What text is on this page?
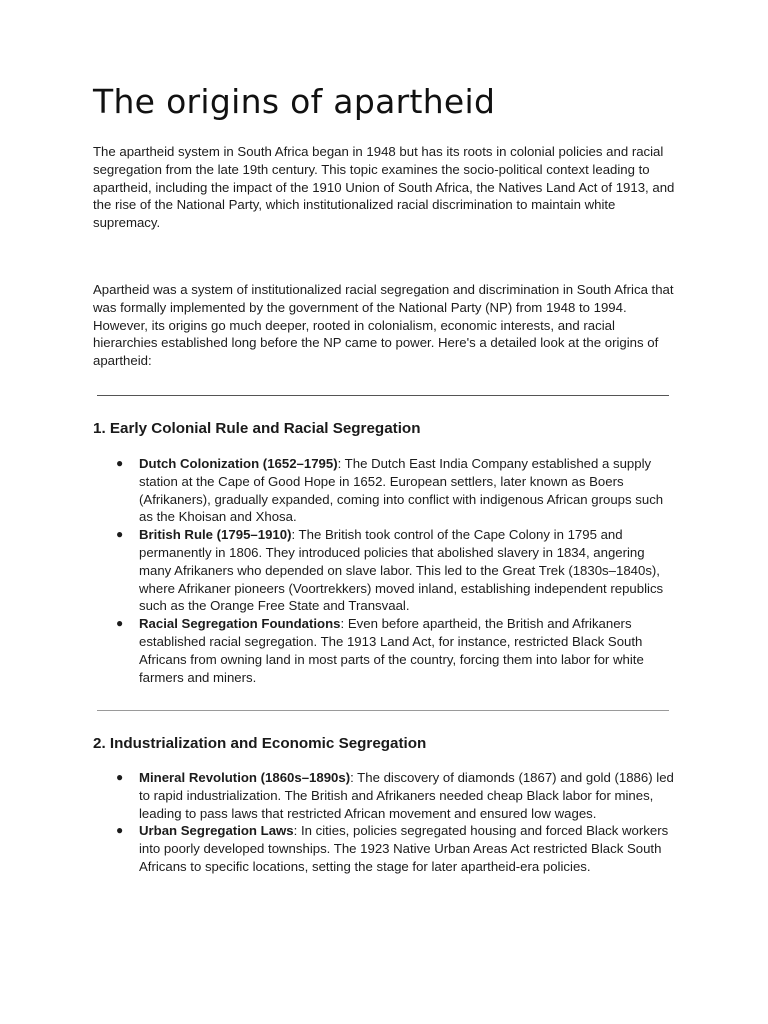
The origins of apartheid

The apartheid system in South Africa began in 1948 but has its roots in colonial policies and racial segregation from the late 19th century. This topic examines the socio-political context leading to apartheid, including the impact of the 1910 Union of South Africa, the Natives Land Act of 1913, and the rise of the National Party, which institutionalized racial discrimination to maintain white supremacy.

Apartheid was a system of institutionalized racial segregation and discrimination in South Africa that was formally implemented by the government of the National Party (NP) from 1948 to 1994. However, its origins go much deeper, rooted in colonialism, economic interests, and racial hierarchies established long before the NP came to power. Here's a detailed look at the origins of apartheid:

1. Early Colonial Rule and Racial Segregation
● Dutch Colonization (1652–1795): The Dutch East India Company established a supply station at the Cape of Good Hope in 1652. European settlers, later known as Boers (Afrikaners), gradually expanded, coming into conflict with indigenous African groups such as the Khoisan and Xhosa.
● British Rule (1795–1910): The British took control of the Cape Colony in 1795 and permanently in 1806. They introduced policies that abolished slavery in 1834, angering many Afrikaners who depended on slave labor. This led to the Great Trek (1830s–1840s), where Afrikaner pioneers (Voortrekkers) moved inland, establishing independent republics such as the Orange Free State and Transvaal.
● Racial Segregation Foundations: Even before apartheid, the British and Afrikaners established racial segregation. The 1913 Land Act, for instance, restricted Black South Africans from owning land in most parts of the country, forcing them into labor for white farmers and miners.
2. Industrialization and Economic Segregation
● Mineral Revolution (1860s–1890s): The discovery of diamonds (1867) and gold (1886) led to rapid industrialization. The British and Afrikaners needed cheap Black labor for mines, leading to pass laws that restricted African movement and ensured low wages.
● Urban Segregation Laws: In cities, policies segregated housing and forced Black workers into poorly developed townships. The 1923 Native Urban Areas Act restricted Black South Africans to specific locations, setting the stage for later apartheid-era policies.
